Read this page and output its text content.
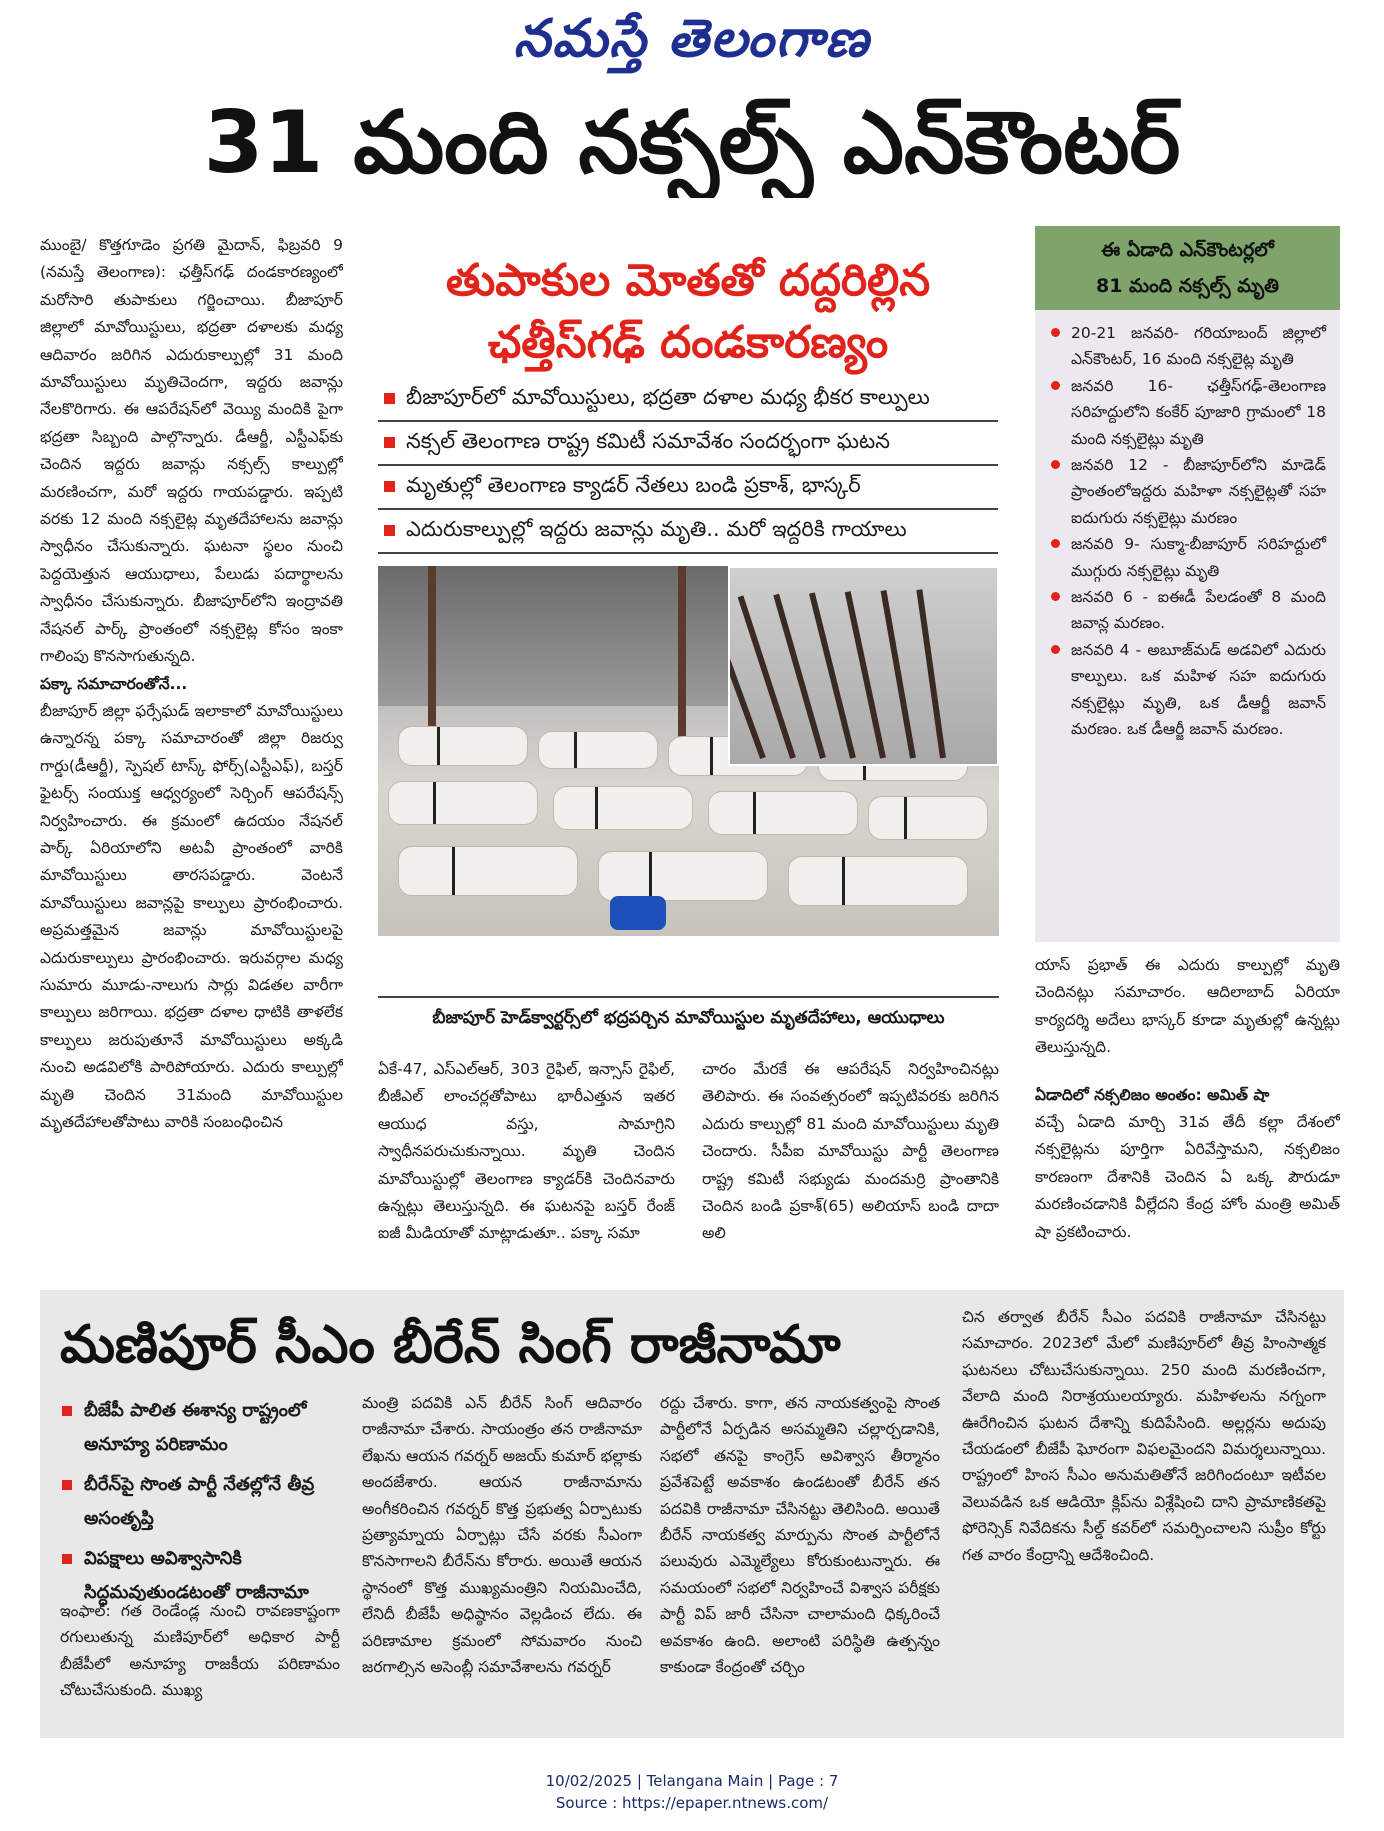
నమస్తే తెలంగాణ
31 మంది నక్సల్స్ ఎన్‌కౌంటర్

ముంబై/ కొత్తగూడెం ప్రగతి మైదాన్, ఫిబ్రవరి 9 (నమస్తే తెలంగాణ): ఛత్తీస్‌గఢ్ దండకారణ్యంలో మరోసారి తుపాకులు గర్జించాయి. బీజాపూర్ జిల్లాలో మావోయిస్టులు, భద్రతా దళాలకు మధ్య ఆదివారం జరిగిన ఎదురుకాల్పుల్లో 31 మంది మావోయిస్టులు మృతిచెందగా, ఇద్దరు జవాన్లు నేలకొరిగారు. ఈ ఆపరేషన్‌లో వెయ్యి మందికి పైగా భద్రతా సిబ్బంది పాల్గొన్నారు. డీఆర్జీ, ఎస్టీఎఫ్‌కు చెందిన ఇద్దరు జవాన్లు నక్సల్స్ కాల్పుల్లో మరణించగా, మరో ఇద్దరు గాయపడ్డారు. ఇప్పటి వరకు 12 మంది నక్సలైట్ల మృతదేహాలను జవాన్లు స్వాధీనం చేసుకున్నారు. ఘటనా స్థలం నుంచి పెద్దయెత్తున ఆయుధాలు, పేలుడు పదార్థాలను స్వాధీనం చేసుకున్నారు. బీజాపూర్‌లోని ఇంద్రావతి నేషనల్ పార్క్ ప్రాంతంలో నక్సలైట్ల కోసం ఇంకా గాలింపు కొనసాగుతున్నది.

పక్కా సమాచారంతోనే...

బీజాపూర్ జిల్లా ఫర్సేఘడ్ ఇలాకాలో మావోయిస్టులు ఉన్నారన్న పక్కా సమాచారంతో జిల్లా రిజర్వు గార్డు(డీఆర్జీ), స్పెషల్ టాస్క్ ఫోర్స్(ఎస్టీఎఫ్), బస్తర్ ఫైటర్స్ సంయుక్త ఆధ్వర్యంలో సెర్చింగ్ ఆపరేషన్స్ నిర్వహించారు. ఈ క్రమంలో ఉదయం నేషనల్ పార్క్ ఏరియాలోని అటవీ ప్రాంతంలో వారికి మావోయిస్టులు తారసపడ్డారు. వెంటనే మావోయిస్టులు జవాన్లపై కాల్పులు ప్రారంభించారు. అప్రమత్తమైన జవాన్లు మావోయిస్టులపై ఎదురుకాల్పులు ప్రారంభించారు. ఇరువర్గాల మధ్య సుమారు మూడు-నాలుగు సార్లు విడతల వారీగా కాల్పులు జరిగాయి. భద్రతా దళాల ధాటికి తాళలేక కాల్పులు జరుపుతూనే మావోయిస్టులు అక్కడి నుంచి అడవిలోకి పారిపోయారు. ఎదురు కాల్పుల్లో మృతి చెందిన 31మంది మావోయిస్టుల మృతదేహాలతోపాటు వారికి సంబంధించిన

తుపాకుల మోతతో దద్దరిల్లిన
ఛత్తీస్‌గఢ్ దండకారణ్యం
బీజాపూర్‌లో మావోయిస్టులు, భద్రతా దళాల మధ్య భీకర కాల్పులు
నక్సల్ తెలంగాణ రాష్ట్ర కమిటీ సమావేశం సందర్భంగా ఘటన
మృతుల్లో తెలంగాణ క్యాడర్ నేతలు బండి ప్రకాశ్, భాస్కర్
ఎదురుకాల్పుల్లో ఇద్దరు జవాన్లు మృతి.. మరో ఇద్దరికి గాయాలు
బీజాపూర్ హెడ్‌క్వార్టర్స్‌లో భద్రపర్చిన మావోయిస్టుల మృతదేహాలు, ఆయుధాలు
ఈ ఏడాది ఎన్‌కౌంటర్లలో
81 మంది నక్సల్స్ మృతి
20-21 జనవరి- గరియాబంద్ జిల్లాలో ఎన్‌కౌంటర్, 16 మంది నక్సలైట్ల మృతి
జనవరి 16- ఛత్తీస్‌గఢ్-తెలంగాణ సరిహద్దులోని కంకేర్ పూజారి గ్రామంలో 18 మంది నక్సలైట్లు మృతి
జనవరి 12 - బీజాపూర్‌లోని మాడెడ్ ప్రాంతంలోఇద్దరు మహిళా నక్సలైట్లతో సహ ఐదుగురు నక్సలైట్లు మరణం
జనవరి 9- సుక్మా-బీజాపూర్ సరిహద్దులో ముగ్గురు నక్సలైట్లు మృతి
జనవరి 6 - ఐఈడీ పేలడంతో 8 మంది జవాన్ల మరణం.
జనవరి 4 - అబూజ్‌మడ్ అడవిలో ఎదురు కాల్పులు. ఒక మహిళ సహ ఐదుగురు నక్సలైట్లు మృతి, ఒక డీఆర్జీ జవాన్ మరణం. ఒక డీఆర్జీ జవాన్ మరణం.

యాస్ ప్రభాత్ ఈ ఎదురు కాల్పుల్లో మృతి చెందినట్లు సమాచారం. ఆదిలాబాద్ ఏరియా కార్యదర్శి అదేలు భాస్కర్ కూడా మృతుల్లో ఉన్నట్లు తెలుస్తున్నది.

ఏడాదిలో నక్సలిజం అంతం: అమిత్ షా

వచ్చే ఏడాది మార్చి 31వ తేదీ కల్లా దేశంలో నక్సలైట్లను పూర్తిగా ఏరివేస్తామని, నక్సలిజం కారణంగా దేశానికి చెందిన ఏ ఒక్క పౌరుడూ మరణించడానికి వీల్లేదని కేంద్ర హోం మంత్రి అమిత్ షా ప్రకటించారు.

ఏకే-47, ఎస్ఎల్ఆర్, 303 రైఫిల్, ఇన్సాస్ రైఫిల్, బీజీఎల్ లాంచర్లతోపాటు భారీఎత్తున ఇతర ఆయుధ వస్తు, సామాగ్రిని స్వాధీనపరుచుకున్నాయి. మృతి చెందిన మావోయిస్టుల్లో తెలంగాణ క్యాడర్‌కి చెందినవారు ఉన్నట్లు తెలుస్తున్నది. ఈ ఘటనపై బస్తర్ రేంజ్ ఐజీ మీడియాతో మాట్లాడుతూ.. పక్కా సమా

చారం మేరకే ఈ ఆపరేషన్ నిర్వహించినట్లు తెలిపారు. ఈ సంవత్సరంలో ఇప్పటివరకు జరిగిన ఎదురు కాల్పుల్లో 81 మంది మావోయిస్టులు మృతి చెందారు. సీపీఐ మావోయిస్టు పార్టీ తెలంగాణ రాష్ట్ర కమిటీ సభ్యుడు మందమర్రి ప్రాంతానికి చెందిన బండి ప్రకాశ్(65) అలియాస్ బండి దాదా అలి

మణిపూర్ సీఎం బీరేన్ సింగ్ రాజీనామా
బీజేపీ పాలిత ఈశాన్య రాష్ట్రంలో అనూహ్య పరిణామం
బీరేన్‌పై సొంత పార్టీ నేతల్లోనే తీవ్ర అసంతృప్తి
విపక్షాలు అవిశ్వాసానికి సిద్ధమవుతుండటంతో రాజీనామా
ఇంఫాల్: గత రెండేండ్ల నుంచి రావణకాష్టంగా రగులుతున్న మణిపూర్‌లో అధికార పార్టీ బీజేపీలో అనూహ్య రాజకీయ పరిణామం చోటుచేసుకుంది. ముఖ్య
మంత్రి పదవికి ఎన్ బీరేన్ సింగ్ ఆదివారం రాజీనామా చేశారు. సాయంత్రం తన రాజీనామా లేఖను ఆయన గవర్నర్ అజయ్ కుమార్ భల్లాకు అందజేశారు. ఆయన రాజీనామాను అంగీకరించిన గవర్నర్ కొత్త ప్రభుత్వ ఏర్పాటుకు ప్రత్యామ్నాయ ఏర్పాట్లు చేసే వరకు సీఎంగా కొనసాగాలని బీరేన్‌ను కోరారు. అయితే ఆయన స్థానంలో కొత్త ముఖ్యమంత్రిని నియమించేది, లేనిదీ బీజేపీ అధిష్ఠానం వెల్లడించ లేదు. ఈ పరిణామాల క్రమంలో సోమవారం నుంచి జరగాల్సిన అసెంబ్లీ సమావేశాలను గవర్నర్
రద్దు చేశారు. కాగా, తన నాయకత్వంపై సొంత పార్టీలోనే ఏర్పడిన అసమ్మతిని చల్లార్చడానికి, సభలో తనపై కాంగ్రెస్ అవిశ్వాస తీర్మానం ప్రవేశపెట్టే అవకాశం ఉండటంతో బీరేన్ తన పదవికి రాజీనామా చేసినట్టు తెలిసింది. అయితే బీరేన్ నాయకత్వ మార్పును సొంత పార్టీలోనే పలువురు ఎమ్మెల్యేలు కోరుకుంటున్నారు. ఈ సమయంలో సభలో నిర్వహించే విశ్వాస పరీక్షకు పార్టీ విప్ జారీ చేసినా చాలామంది ధిక్కరించే అవకాశం ఉంది. అలాంటి పరిస్థితి ఉత్పన్నం కాకుండా కేంద్రంతో చర్చిం
చిన తర్వాత బీరేన్ సీఎం పదవికి రాజీనామా చేసినట్టు సమాచారం. 2023లో మేలో మణిపూర్‌లో తీవ్ర హింసాత్మక ఘటనలు చోటుచేసుకున్నాయి. 250 మంది మరణించగా, వేలాది మంది నిరాశ్రయులయ్యారు. మహిళలను నగ్నంగా ఊరేగించిన ఘటన దేశాన్ని కుదిపేసింది. అల్లర్లను అదుపు చేయడంలో బీజేపీ ఘోరంగా విఫలమైందని విమర్శలున్నాయి. రాష్ట్రంలో హింస సీఎం అనుమతితోనే జరిగిందంటూ ఇటీవల వెలువడిన ఒక ఆడియో క్లిప్‌ను విశ్లేషించి దాని ప్రామాణికతపై ఫోరెన్సిక్ నివేదికను సీల్డ్ కవర్‌లో సమర్పించాలని సుప్రీం కోర్టు గత వారం కేంద్రాన్ని ఆదేశించింది.
10/02/2025 | Telangana Main | Page : 7
Source : https://epaper.ntnews.com/
